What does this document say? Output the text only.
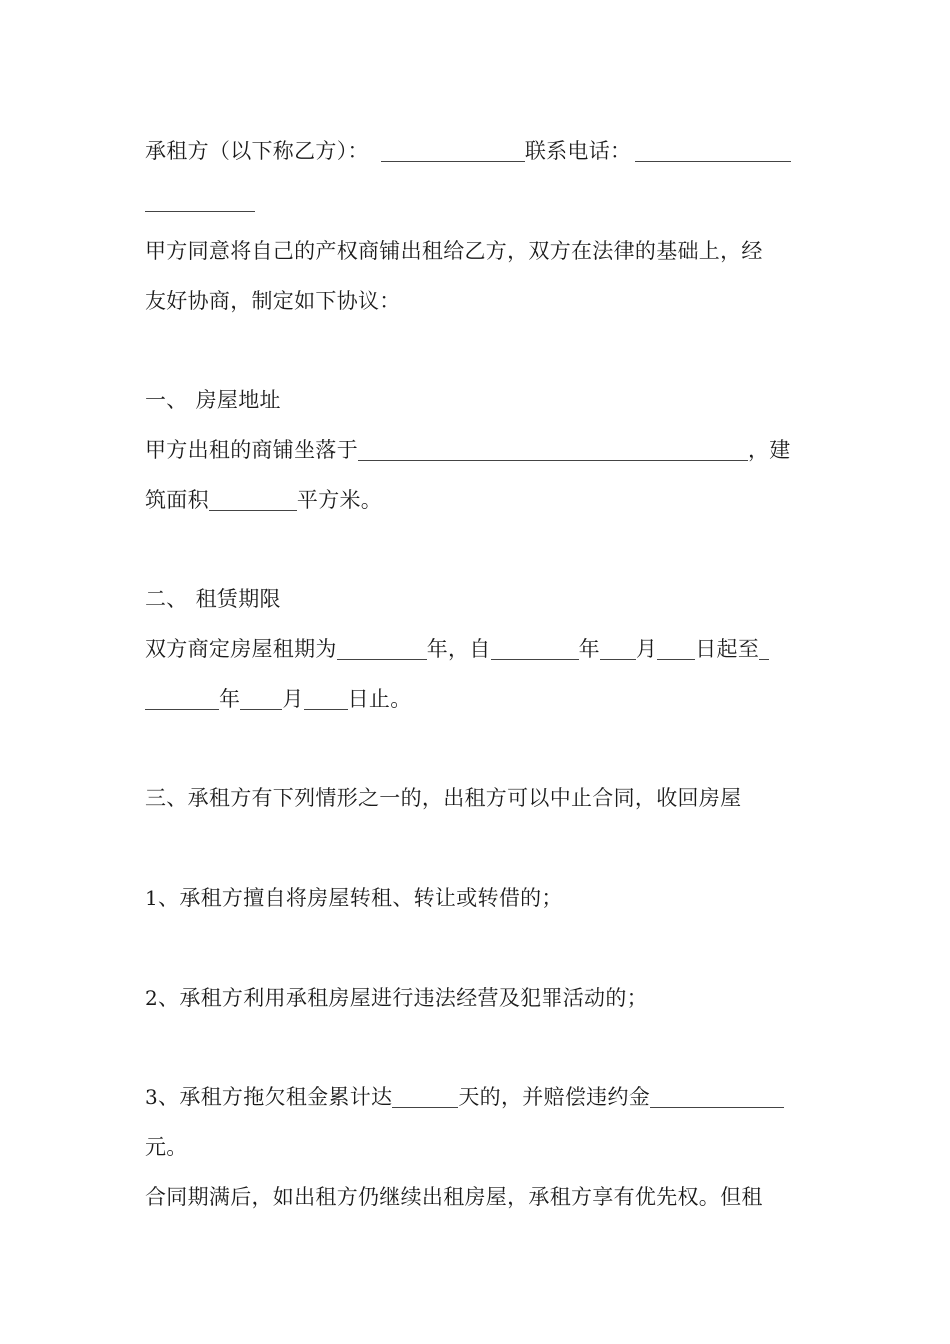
承租方（以下称乙方）：	联系电话：
甲方同意将自己的产权商铺出租给乙方，双方在法律的基础上，经
友好协商，制定如下协议：
一、 房屋地址
甲方出租的商铺坐落于	，建
筑面积	平方米。
二、 租赁期限
双方商定房屋租期为	年，自	年 月 日起至
年 月 日止。
三、承租方有下列情形之一的，出租方可以中止合同，收回房屋
1、承租方擅自将房屋转租、转让或转借的；
2、承租方利用承租房屋进行违法经营及犯罪活动的；
3、承租方拖欠租金累计达	天的，并赔偿违约金
元。
合同期满后，如出租方仍继续出租房屋，承租方享有优先权。但租
